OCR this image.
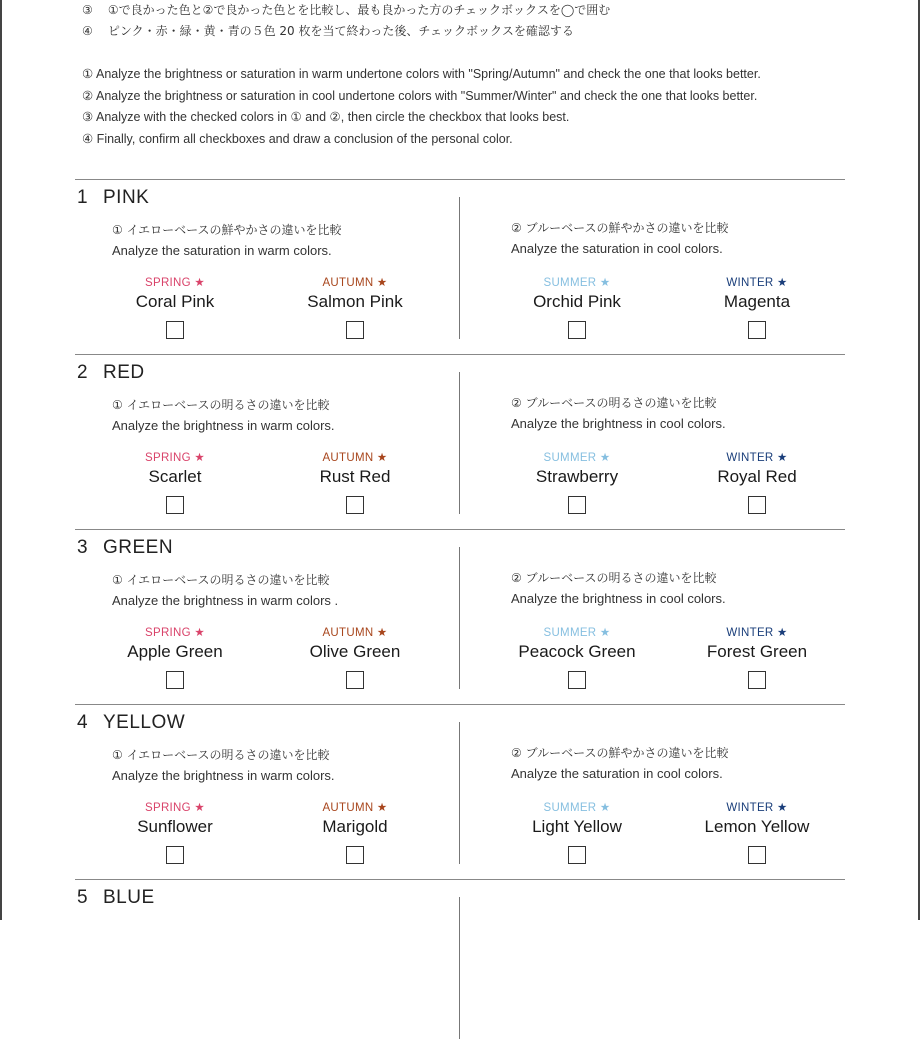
③ ①で良かった色と②で良かった色とを比較し、最も良かった方のチェックボックスを◯で囲む
④ ピンク・赤・緑・黄・青の５色 20 枚を当て終わった後、チェックボックスを確認する
① Analyze the brightness or saturation in warm undertone colors with "Spring/Autumn" and check the one that looks better.
② Analyze the brightness or saturation in cool undertone colors with "Summer/Winter" and check the one that looks better.
③ Analyze with the checked colors in ① and ②, then circle the checkbox that looks best.
④ Finally, confirm all checkboxes and draw a conclusion of the personal color.
1 PINK
① イエローベースの鮮やかさの違いを比較
Analyze the saturation in warm colors.
SPRING ★
Coral Pink
AUTUMN ★
Salmon Pink
② ブルーベースの鮮やかさの違いを比較
Analyze the saturation in cool colors.
SUMMER ★
Orchid Pink
WINTER ★
Magenta
2 RED
① イエローベースの明るさの違いを比較
Analyze the brightness in warm colors.
SPRING ★
Scarlet
AUTUMN ★
Rust Red
② ブルーベースの明るさの違いを比較
Analyze the brightness in cool colors.
SUMMER ★
Strawberry
WINTER ★
Royal Red
3 GREEN
① イエローベースの明るさの違いを比較
Analyze the brightness in warm colors .
SPRING ★
Apple Green
AUTUMN ★
Olive Green
② ブルーベースの明るさの違いを比較
Analyze the brightness in cool colors.
SUMMER ★
Peacock Green
WINTER ★
Forest Green
4 YELLOW
① イエローベースの明るさの違いを比較
Analyze the brightness in warm colors.
SPRING ★
Sunflower
AUTUMN ★
Marigold
② ブルーベースの鮮やかさの違いを比較
Analyze the saturation in cool colors.
SUMMER ★
Light Yellow
WINTER ★
Lemon Yellow
5 BLUE
